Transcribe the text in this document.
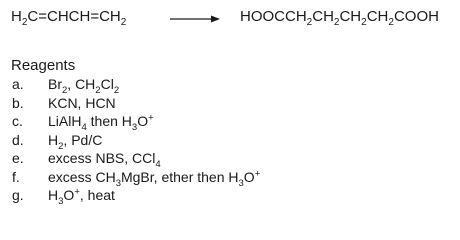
$H_2C=CHCH=CH_2$	→ $HOOCCH_2CH_2CH_2CH_2COOH$
Reagents
a. $Br_2$, $CH_2Cl_2$
b. KCN, HCN
c. LiAlH$_4$ then $H_3O^+$
d. $H_2$, Pd/C
e. excess NBS, CCl$_4$
f. excess $CH_3MgBr$, ether then $H_3O^+$
g. $H_3O^+$, heat
